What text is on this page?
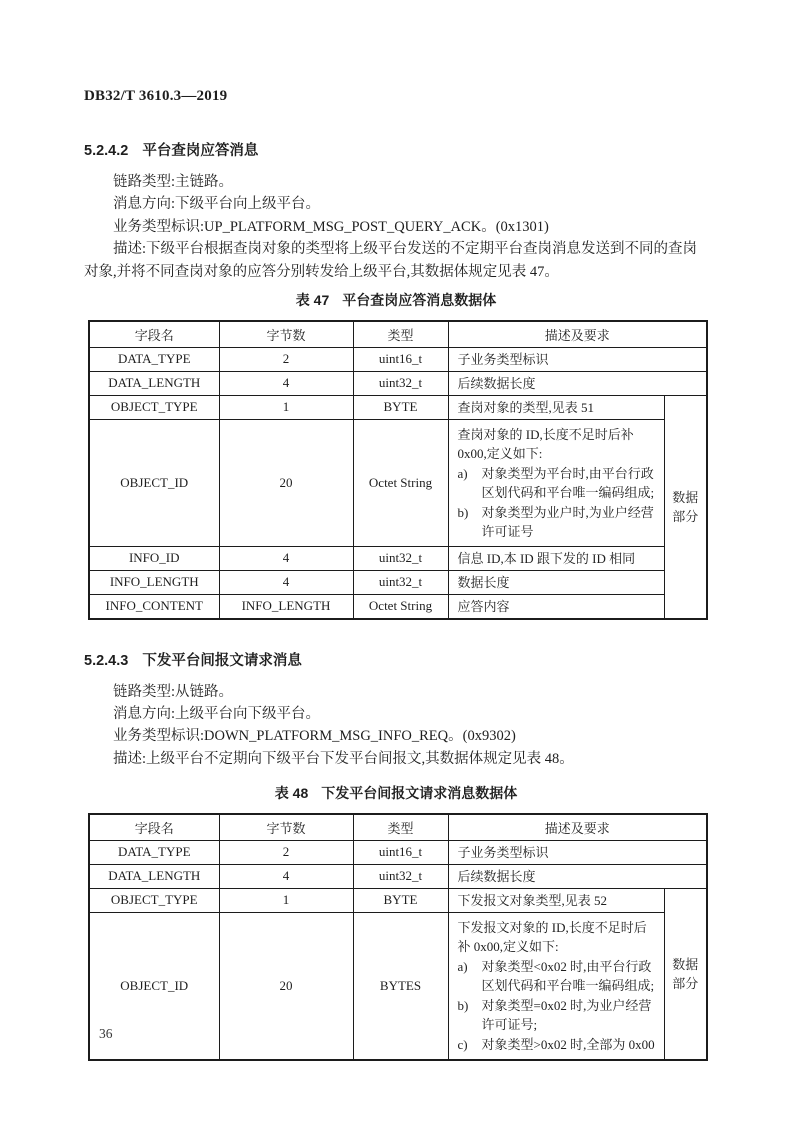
DB32/T 3610.3—2019
5.2.4.2 平台查岗应答消息

链路类型:主链路。

消息方向:下级平台向上级平台。

业务类型标识:UP_PLATFORM_MSG_POST_QUERY_ACK。(0x1301)

描述:下级平台根据查岗对象的类型将上级平台发送的不定期平台查岗消息发送到不同的查岗对象,并将不同查岗对象的应答分别转发给上级平台,其数据体规定见表 47。

表 47 平台查岗应答消息数据体
字段名	字节数	类型	描述及要求	
DATA_TYPE	2	uint16_t	子业务类型标识	
DATA_LENGTH	4	uint32_t	后续数据长度	
OBJECT_TYPE	1	BYTE	查岗对象的类型,见表 51	数据部分
OBJECT_ID	20	Octet String	查岗对象的 ID,长度不足时后补 0x00,定义如下:
a) 对象类型为平台时,由平台行政区划代码和平台唯一编码组成;
b) 对象类型为业户时,为业户经营许可证号	

INFO_ID	4	uint32_t	信息 ID,本 ID 跟下发的 ID 相同	
INFO_LENGTH	4	uint32_t	数据长度	
INFO_CONTENT	INFO_LENGTH	Octet String	应答内容	
5.2.4.3 下发平台间报文请求消息

链路类型:从链路。

消息方向:上级平台向下级平台。

业务类型标识:DOWN_PLATFORM_MSG_INFO_REQ。(0x9302)

描述:上级平台不定期向下级平台下发平台间报文,其数据体规定见表 48。

表 48 下发平台间报文请求消息数据体
字段名	字节数	类型	描述及要求	
DATA_TYPE	2	uint16_t	子业务类型标识	
DATA_LENGTH	4	uint32_t	后续数据长度	
OBJECT_TYPE	1	BYTE	下发报文对象类型,见表 52	数据部分
OBJECT_ID	20	BYTES	
下发报文对象的 ID,长度不足时后补 0x00,定义如下:
a)	对象类型<0x02 时,由平台行政区划代码和平台唯一编码组成;
b)	对象类型=0x02 时,为业户经营许可证号;
c)	对象类型>0x02 时,全部为 0x00
36
